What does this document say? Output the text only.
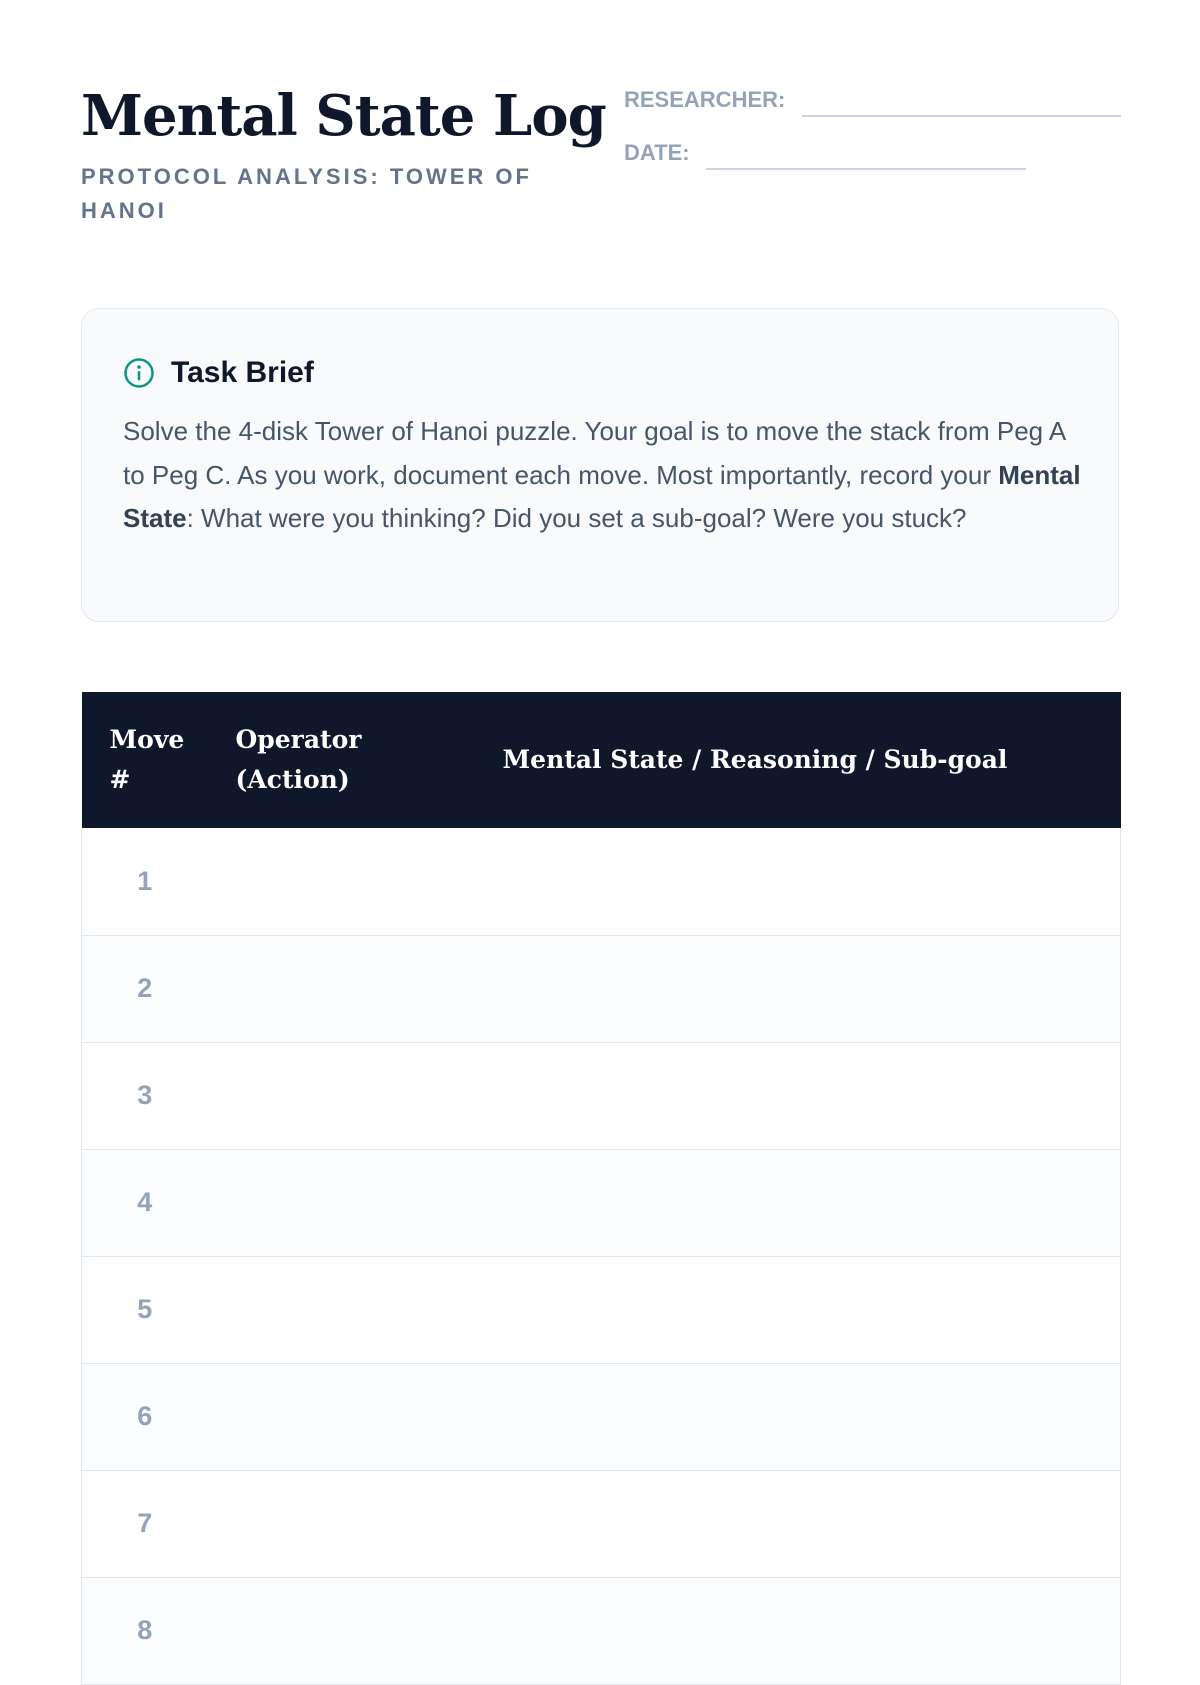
Mental State Log

PROTOCOL ANALYSIS: TOWER OF HANOI

RESEARCHER:
DATE:
Task Brief

Solve the 4-disk Tower of Hanoi puzzle. Your goal is to move the stack from Peg A to Peg C. As you work, document each move. Most importantly, record your Mental State: What were you thinking? Did you set a sub-goal? Were you stuck?

Move #	Operator (Action)	Mental State / Reasoning / Sub-goal
1		
2		
3		
4		
5		
6		
7		
8		
